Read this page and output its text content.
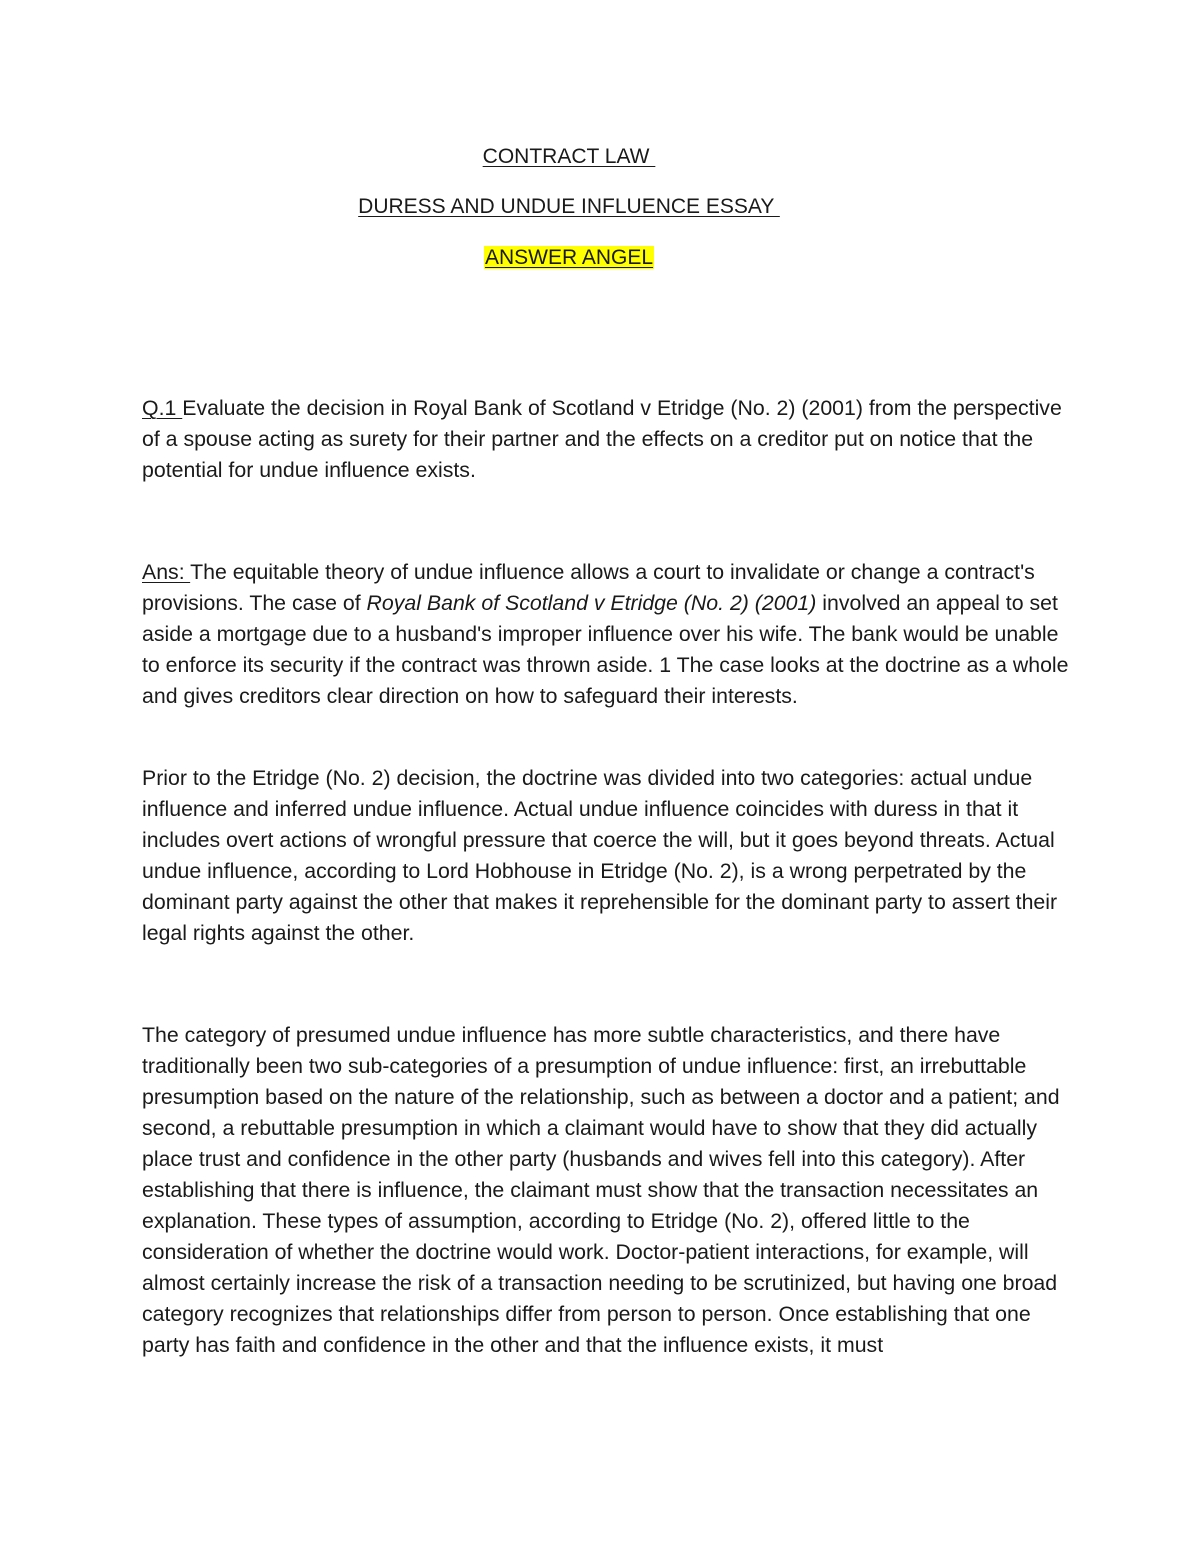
CONTRACT LAW
DURESS AND UNDUE INFLUENCE ESSAY
ANSWER ANGEL

Q.1 Evaluate the decision in Royal Bank of Scotland v Etridge (No. 2) (2001) from the perspective of a spouse acting as surety for their partner and the effects on a creditor put on notice that the potential for undue influence exists.

Ans: The equitable theory of undue influence allows a court to invalidate or change a contract's provisions. The case of Royal Bank of Scotland v Etridge (No. 2) (2001) involved an appeal to set aside a mortgage due to a husband's improper influence over his wife. The bank would be unable to enforce its security if the contract was thrown aside. 1 The case looks at the doctrine as a whole and gives creditors clear direction on how to safeguard their interests.

Prior to the Etridge (No. 2) decision, the doctrine was divided into two categories: actual undue influence and inferred undue influence. Actual undue influence coincides with duress in that it includes overt actions of wrongful pressure that coerce the will, but it goes beyond threats. Actual undue influence, according to Lord Hobhouse in Etridge (No. 2), is a wrong perpetrated by the dominant party against the other that makes it reprehensible for the dominant party to assert their legal rights against the other.

The category of presumed undue influence has more subtle characteristics, and there have traditionally been two sub-categories of a presumption of undue influence: first, an irrebuttable presumption based on the nature of the relationship, such as between a doctor and a patient; and second, a rebuttable presumption in which a claimant would have to show that they did actually place trust and confidence in the other party (husbands and wives fell into this category). After establishing that there is influence, the claimant must show that the transaction necessitates an explanation. These types of assumption, according to Etridge (No. 2), offered little to the consideration of whether the doctrine would work. Doctor-patient interactions, for example, will almost certainly increase the risk of a transaction needing to be scrutinized, but having one broad category recognizes that relationships differ from person to person. Once establishing that one party has faith and confidence in the other and that the influence exists, it must
